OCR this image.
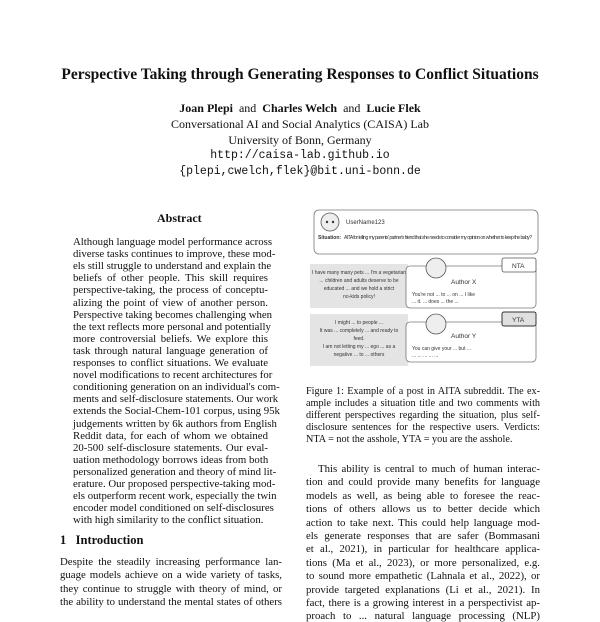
Perspective Taking through Generating Responses to Conflict Situations
Joan Plepi and Charles Welch and Lucie Flek
Conversational AI and Social Analytics (CAISA) Lab
University of Bonn, Germany
http://caisa-lab.github.io
{plepi,cwelch,flek}@bit.uni-bonn.de
Abstract
Although language model performance across
diverse tasks continues to improve, these mod-
els still struggle to understand and explain the
beliefs of other people. This skill requires
perspective-taking, the process of conceptu-
alizing the point of view of another person.
Perspective taking becomes challenging when
the text reflects more personal and potentially
more controversial beliefs. We explore this
task through natural language generation of
responses to conflict situations. We evaluate
novel modifications to recent architectures for
conditioning generation on an individual's com-
ments and self-disclosure statements. Our work
extends the Social-Chem-101 corpus, using 95k
judgements written by 6k authors from English
Reddit data, for each of whom we obtained
20-500 self-disclosure statements. Our eval-
uation methodology borrows ideas from both
personalized generation and theory of mind lit-
erature. Our proposed perspective-taking mod-
els outperform recent work, especially the twin
encoder model conditioned on self-disclosures
with high similarity to the conflict situation.
1   Introduction
Despite the steadily increasing performance lan-
guage models achieve on a wide variety of tasks,
they continue to struggle with theory of mind, or
the ability to understand the mental states of others
UserName123
Situation: AITA for telling my parents' partner's friend that she needs to consider my opinion on whether to keep the baby?
I have many many pets ... I'm a vegetarian
... children and adults deserve to be
educated ... and we hold a strict
no-kids policy!
Author X
NTA
You're not ... to ... on ... I like
... it. ... does ... the ...
I might ... to people ...
It was ... completely ... and ready to
feed.
I am not letting my ... ego ... as a
negative ... to ... others
Author Y
YTA
You can give your ... but ...
... ... ... ... ...
Figure 1: Example of a post in AITA subreddit. The ex-
ample includes a situation title and two comments with
different perspectives regarding the situation, plus self-
disclosure sentences for the respective users. Verdicts:
NTA = not the asshole, YTA = you are the asshole.
This ability is central to much of human interac-
tion and could provide many benefits for language
models as well, as being able to foresee the reac-
tions of others allows us to better decide which
action to take next. This could help language mod-
els generate responses that are safer (Bommasani
et al., 2021), in particular for healthcare applica-
tions (Ma et al., 2023), or more personalized, e.g.
to sound more empathetic (Lahnala et al., 2022), or
provide targeted explanations (Li et al., 2021). In
fact, there is a growing interest in a perspectivist ap-
proach to ... natural language processing (NLP)
